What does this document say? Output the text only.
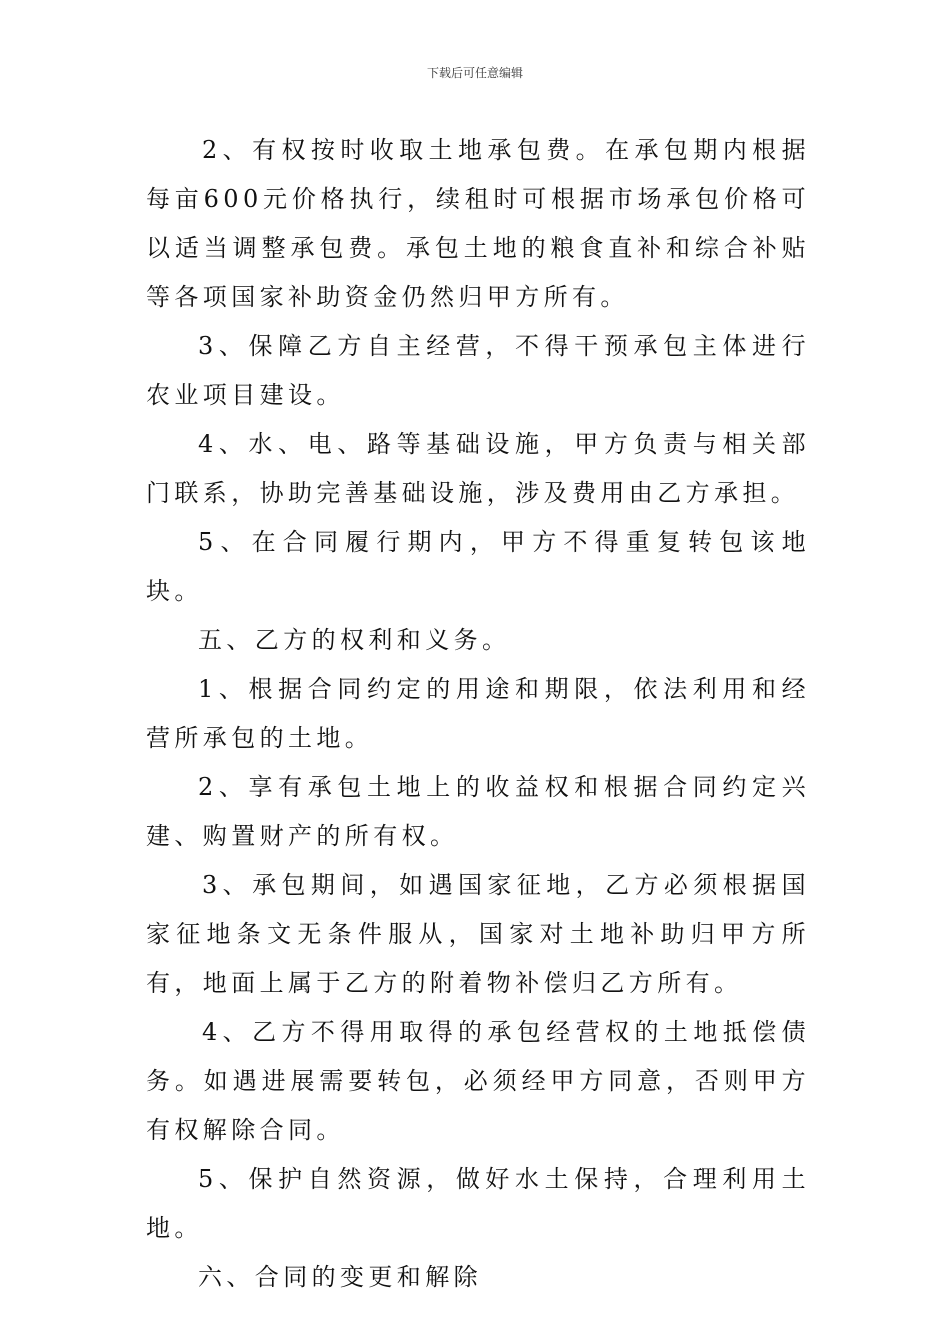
下载后可任意编辑

2、有权按时收取土地承包费。在承包期内根据每亩600元价格执行，续租时可根据市场承包价格可以适当调整承包费。承包土地的粮食直补和综合补贴等各项国家补助资金仍然归甲方所有。

3、保障乙方自主经营，不得干预承包主体进行农业项目建设。

4、水、电、路等基础设施，甲方负责与相关部门联系，协助完善基础设施，涉及费用由乙方承担。

5、在合同履行期内，甲方不得重复转包该地块。

五、乙方的权利和义务。

1、根据合同约定的用途和期限，依法利用和经营所承包的土地。

2、享有承包土地上的收益权和根据合同约定兴建、购置财产的所有权。

3、承包期间，如遇国家征地，乙方必须根据国家征地条文无条件服从，国家对土地补助归甲方所有，地面上属于乙方的附着物补偿归乙方所有。

4、乙方不得用取得的承包经营权的土地抵偿债务。如遇进展需要转包，必须经甲方同意，否则甲方有权解除合同。

5、保护自然资源，做好水土保持，合理利用土地。

六、合同的变更和解除
